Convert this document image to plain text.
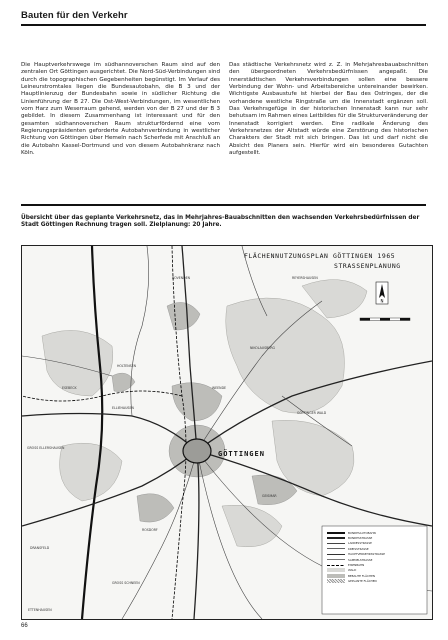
Bauten für den Verkehr

Die Hauptverkehrswege im südhannoverschen Raum sind auf den zentralen Ort Göttingen ausgerichtet. Die Nord-Süd-Verbindungen sind durch die topographischen Gegebenheiten begünstigt. Im Verlauf des Leineurstromtales liegen die Bundesautobahn, die B 3 und der Hauptlinienzug der Bundesbahn sowie in südlicher Richtung die Linienführung der B 27. Die Ost-West-Verbindungen, im wesentlichen vom Harz zum Weserraum gehend, werden von der B 27 und der B 3 gebildet. In diesem Zusammenhang ist interessant und für den gesamten südhannoverschen Raum strukturfördernd eine vom Regierungspräsidenten geforderte Autobahnverbindung in westlicher Richtung von Göttingen über Hemeln nach Scherfede mit Anschluß an die Autobahn Kassel-Dortmund und von diesem Autobahnkranz nach Köln.

Das städtische Verkehrsnetz wird z. Z. in Mehrjahresbauabschnitten den übergeordneten Verkehrsbedürfnissen angepaßt. Die innerstädtischen Verkehrsverbindungen sollen eine bessere Verbindung der Wohn- und Arbeitsbereiche untereinander bewirken. Wichtigste Ausbaustufe ist hierbei der Bau des Ostringes, der die vorhandene westliche Ringstraße um die Innenstadt ergänzen soll. Das Verkehrsgefüge in der historischen Innenstadt kann nur sehr behutsam im Rahmen eines Leitbildes für die Strukturveränderung der Innenstadt korrigiert werden. Eine radikale Änderung des Verkehrsnetzes der Altstadt würde eine Zerstörung des historischen Charakters der Stadt mit sich bringen. Das ist und darf nicht die Absicht des Planers sein. Hierfür wird ein besonderes Gutachten aufgestellt.

Übersicht über das geplante Verkehrsnetz, das in Mehrjahres-Bauabschnitten den wachsenden Verkehrsbedürfnissen der Stadt Göttingen Rechnung tragen soll. Zielplanung: 20 Jahre.
N
FLÄCHENNUTZUNGSPLAN GÖTTINGEN 1965
STRASSENPLANUNG
GÖTTINGEN
BOVENDEN	REYERSHAUSEN
NIKOLAUSBERG
WEENDE
HOLTENSEN
ESEBECK
ELLIEHAUSEN
GROSS ELLERSHAUSEN
GÖTTINGER WALD
GEISMAR
ROSDORF
DRANSFELD
GROSS SCHNEEN
ETTENHAUSEN
BUNDESAUTOBAHN
BUNDESSTRASSE
LANDESSTRASSE
KREISSTRASSE
HAUPTVERKEHRSSTRASSE
SAMMELSTRASSE
EISENBAHN
WALD
BEBAUTE FLÄCHEN
GEPLANTE FLÄCHEN
66
